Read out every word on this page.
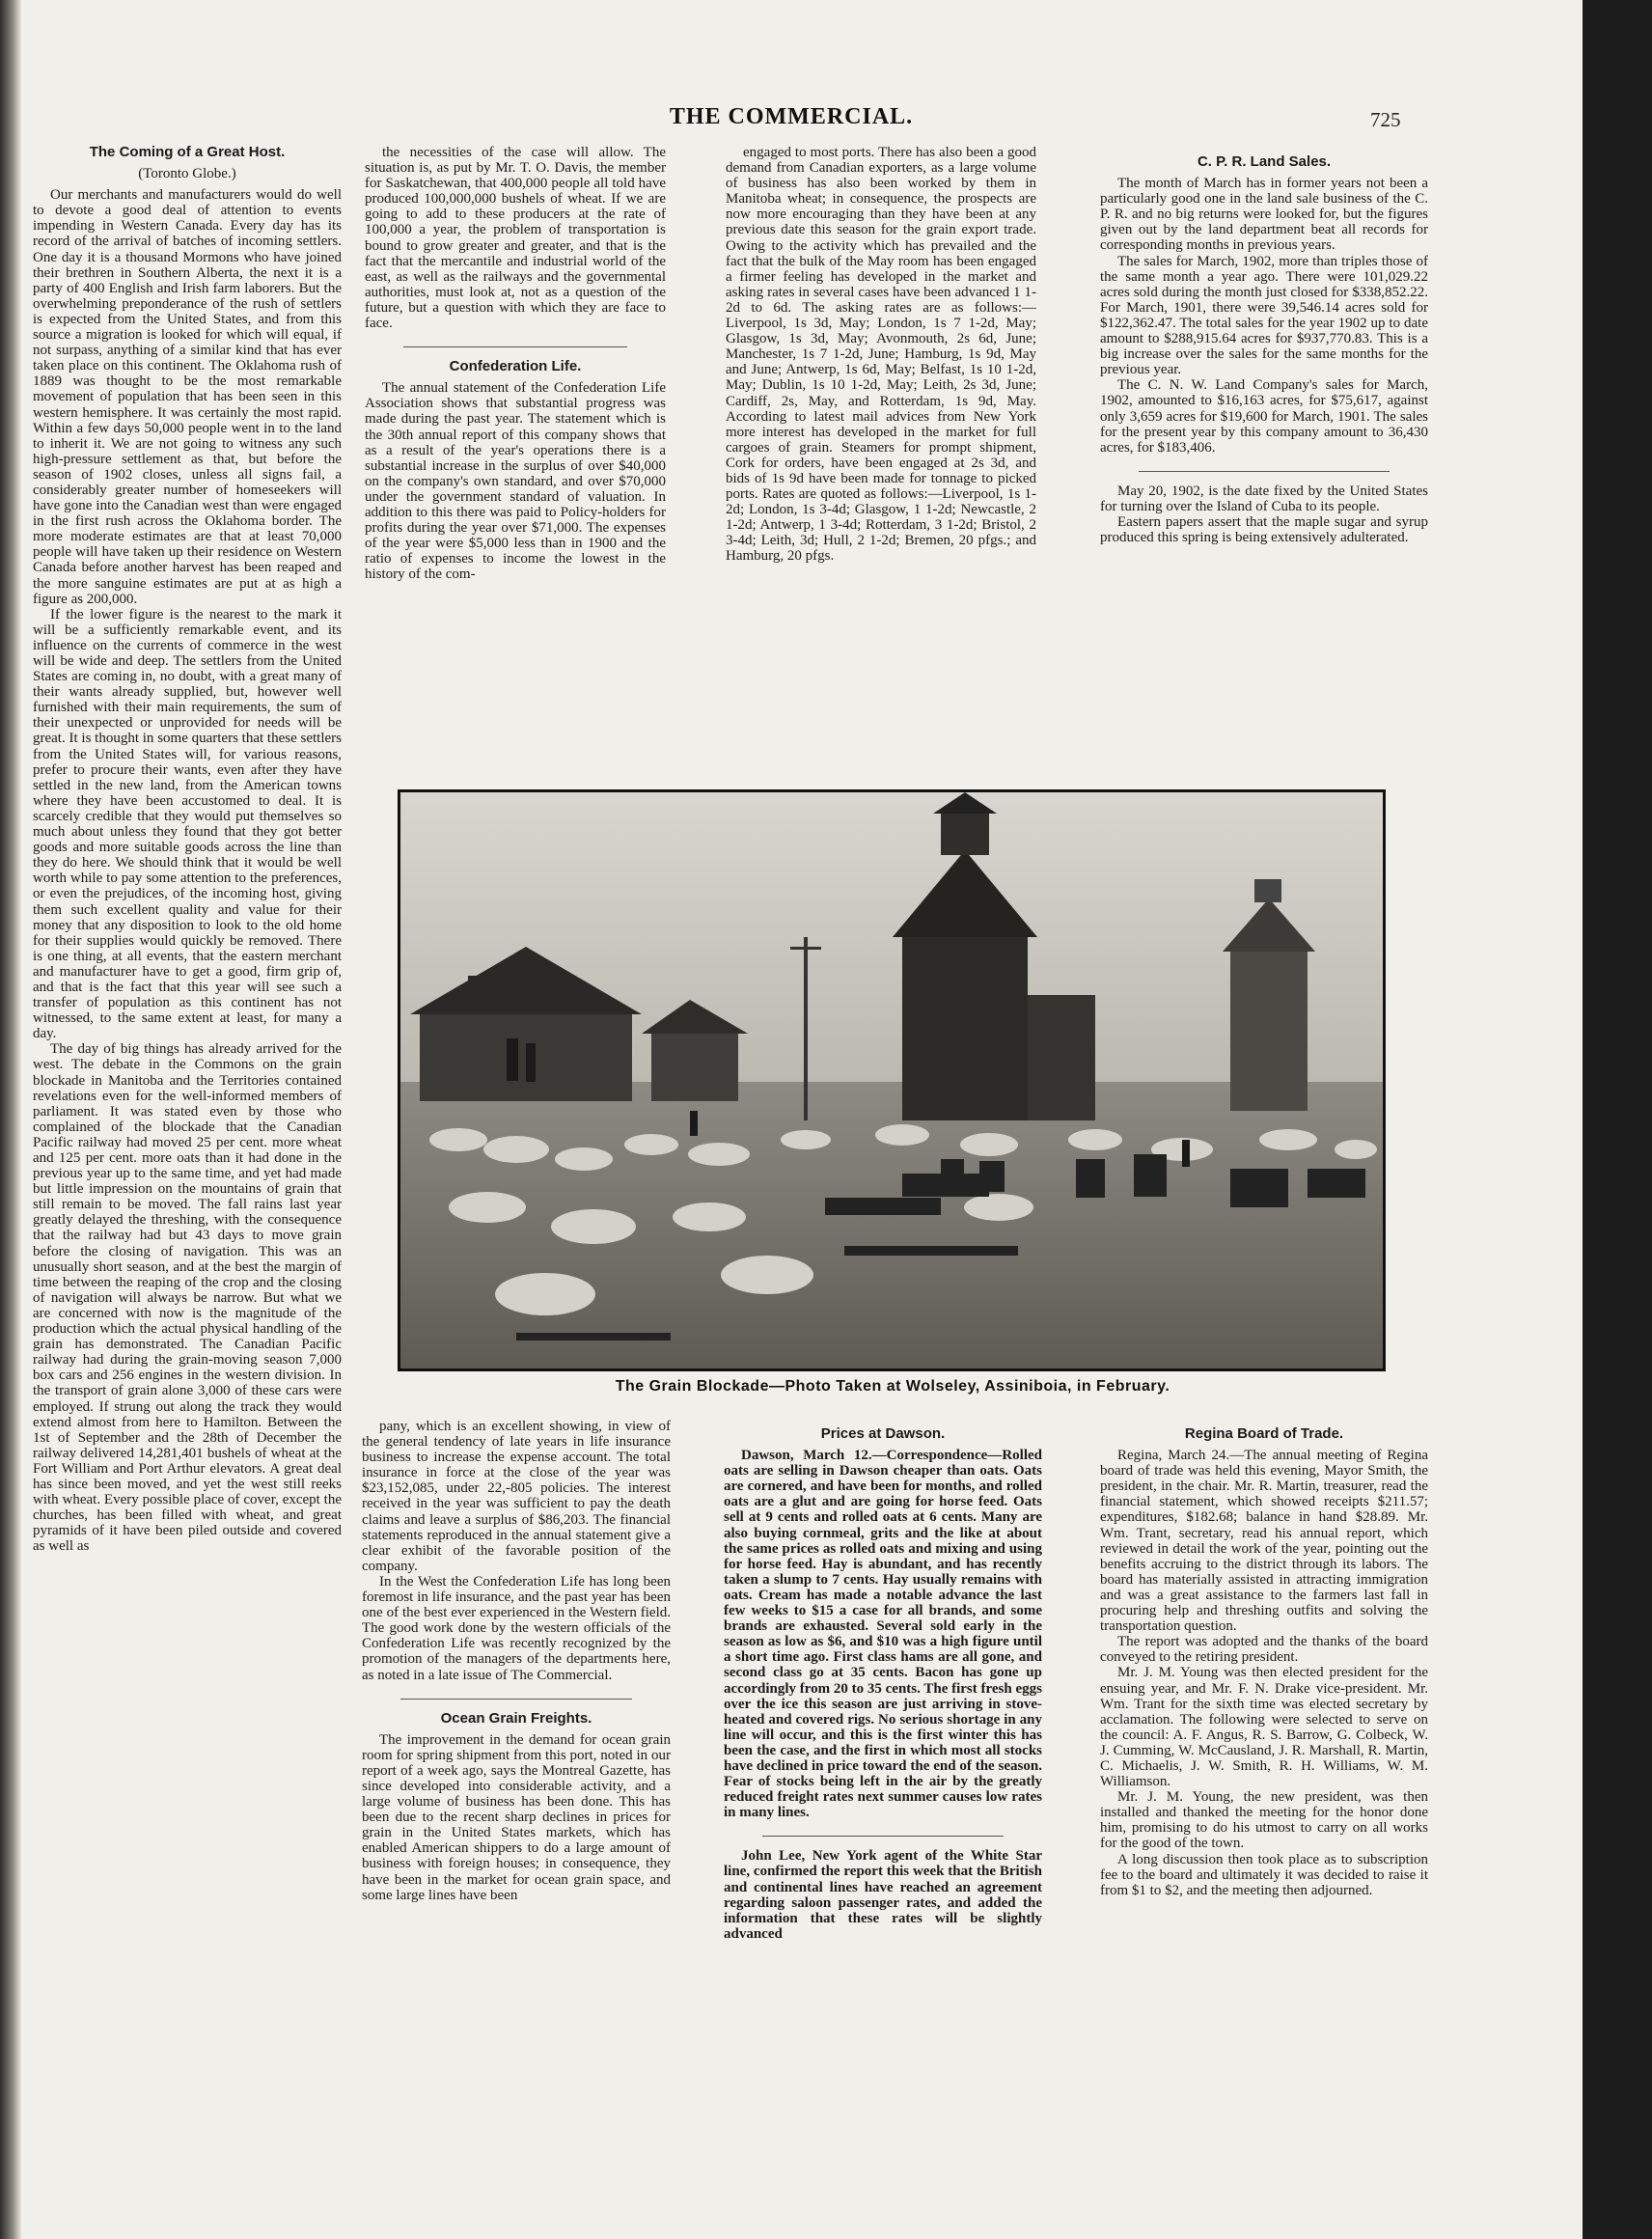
THE COMMERCIAL.	725
The Coming of a Great Host.
(Toronto Globe.)

Our merchants and manufacturers would do well to devote a good deal of attention to events impending in Western Canada. Every day has its record of the arrival of batches of incoming settlers. One day it is a thousand Mormons who have joined their brethren in Southern Alberta, the next it is a party of 400 English and Irish farm laborers. But the overwhelming preponderance of the rush of settlers is expected from the United States, and from this source a migration is looked for which will equal, if not surpass, anything of a similar kind that has ever taken place on this continent. The Oklahoma rush of 1889 was thought to be the most remarkable movement of population that has been seen in this western hemisphere. It was certainly the most rapid. Within a few days 50,000 people went in to the land to inherit it. We are not going to witness any such high-pressure settlement as that, but before the season of 1902 closes, unless all signs fail, a considerably greater number of homeseekers will have gone into the Canadian west than were engaged in the first rush across the Oklahoma border. The more moderate estimates are that at least 70,000 people will have taken up their residence on Western Canada before another harvest has been reaped and the more sanguine estimates are put at as high a figure as 200,000.

If the lower figure is the nearest to the mark it will be a sufficiently remarkable event, and its influence on the currents of commerce in the west will be wide and deep. The settlers from the United States are coming in, no doubt, with a great many of their wants already supplied, but, however well furnished with their main requirements, the sum of their unexpected or unprovided for needs will be great. It is thought in some quarters that these settlers from the United States will, for various reasons, prefer to procure their wants, even after they have settled in the new land, from the American towns where they have been accustomed to deal. It is scarcely credible that they would put themselves so much about unless they found that they got better goods and more suitable goods across the line than they do here. We should think that it would be well worth while to pay some attention to the preferences, or even the prejudices, of the incoming host, giving them such excellent quality and value for their money that any disposition to look to the old home for their supplies would quickly be removed. There is one thing, at all events, that the eastern merchant and manufacturer have to get a good, firm grip of, and that is the fact that this year will see such a transfer of population as this continent has not witnessed, to the same extent at least, for many a day.

The day of big things has already arrived for the west. The debate in the Commons on the grain blockade in Manitoba and the Territories contained revelations even for the well-informed members of parliament. It was stated even by those who complained of the blockade that the Canadian Pacific railway had moved 25 per cent. more wheat and 125 per cent. more oats than it had done in the previous year up to the same time, and yet had made but little impression on the mountains of grain that still remain to be moved. The fall rains last year greatly delayed the threshing, with the consequence that the railway had but 43 days to move grain before the closing of navigation. This was an unusually short season, and at the best the margin of time between the reaping of the crop and the closing of navigation will always be narrow. But what we are concerned with now is the magnitude of the production which the actual physical handling of the grain has demonstrated. The Canadian Pacific railway had during the grain-moving season 7,000 box cars and 256 engines in the western division. In the transport of grain alone 3,000 of these cars were employed. If strung out along the track they would extend almost from here to Hamilton. Between the 1st of September and the 28th of December the railway delivered 14,281,401 bushels of wheat at the Fort William and Port Arthur elevators. A great deal has since been moved, and yet the west still reeks with wheat. Every possible place of cover, except the churches, has been filled with wheat, and great pyramids of it have been piled outside and covered as well as

the necessities of the case will allow. The situation is, as put by Mr. T. O. Davis, the member for Saskatchewan, that 400,000 people all told have produced 100,000,000 bushels of wheat. If we are going to add to these producers at the rate of 100,000 a year, the problem of transportation is bound to grow greater and greater, and that is the fact that the mercantile and industrial world of the east, as well as the railways and the governmental authorities, must look at, not as a question of the future, but a question with which they are face to face.

Confederation Life.

The annual statement of the Confederation Life Association shows that substantial progress was made during the past year. The statement which is the 30th annual report of this company shows that as a result of the year's operations there is a substantial increase in the surplus of over $40,000 on the company's own standard, and over $70,000 under the government standard of valuation. In addition to this there was paid to Policy-holders for profits during the year over $71,000. The expenses of the year were $5,000 less than in 1900 and the ratio of expenses to income the lowest in the history of the com-

engaged to most ports. There has also been a good demand from Canadian exporters, as a large volume of business has also been worked by them in Manitoba wheat; in consequence, the prospects are now more encouraging than they have been at any previous date this season for the grain export trade. Owing to the activity which has prevailed and the fact that the bulk of the May room has been engaged a firmer feeling has developed in the market and asking rates in several cases have been advanced 1 1-2d to 6d. The asking rates are as follows:—Liverpool, 1s 3d, May; London, 1s 7 1-2d, May; Glasgow, 1s 3d, May; Avonmouth, 2s 6d, June; Manchester, 1s 7 1-2d, June; Hamburg, 1s 9d, May and June; Antwerp, 1s 6d, May; Belfast, 1s 10 1-2d, May; Dublin, 1s 10 1-2d, May; Leith, 2s 3d, June; Cardiff, 2s, May, and Rotterdam, 1s 9d, May. According to latest mail advices from New York more interest has developed in the market for full cargoes of grain. Steamers for prompt shipment, Cork for orders, have been engaged at 2s 3d, and bids of 1s 9d have been made for tonnage to picked ports. Rates are quoted as follows:—Liverpool, 1s 1-2d; London, 1s 3-4d; Glasgow, 1 1-2d; Newcastle, 2 1-2d; Antwerp, 1 3-4d; Rotterdam, 3 1-2d; Bristol, 2 3-4d; Leith, 3d; Hull, 2 1-2d; Bremen, 20 pfgs.; and Hamburg, 20 pfgs.

C. P. R. Land Sales.

The month of March has in former years not been a particularly good one in the land sale business of the C. P. R. and no big returns were looked for, but the figures given out by the land department beat all records for corresponding months in previous years.

The sales for March, 1902, more than triples those of the same month a year ago. There were 101,029.22 acres sold during the month just closed for $338,852.22. For March, 1901, there were 39,546.14 acres sold for $122,362.47. The total sales for the year 1902 up to date amount to $288,915.64 acres for $937,770.83. This is a big increase over the sales for the same months for the previous year.

The C. N. W. Land Company's sales for March, 1902, amounted to $16,163 acres, for $75,617, against only 3,659 acres for $19,600 for March, 1901. The sales for the present year by this company amount to 36,430 acres, for $183,406.

May 20, 1902, is the date fixed by the United States for turning over the Island of Cuba to its people.

Eastern papers assert that the maple sugar and syrup produced this spring is being extensively adulterated.

The Grain Blockade—Photo Taken at Wolseley, Assiniboia, in February.

pany, which is an excellent showing, in view of the general tendency of late years in life insurance business to increase the expense account. The total insurance in force at the close of the year was $23,152,085, under 22,-805 policies. The interest received in the year was sufficient to pay the death claims and leave a surplus of $86,203. The financial statements reproduced in the annual statement give a clear exhibit of the favorable position of the company.

In the West the Confederation Life has long been foremost in life insurance, and the past year has been one of the best ever experienced in the Western field. The good work done by the western officials of the Confederation Life was recently recognized by the promotion of the managers of the departments here, as noted in a late issue of The Commercial.

Ocean Grain Freights.

The improvement in the demand for ocean grain room for spring shipment from this port, noted in our report of a week ago, says the Montreal Gazette, has since developed into considerable activity, and a large volume of business has been done. This has been due to the recent sharp declines in prices for grain in the United States markets, which has enabled American shippers to do a large amount of business with foreign houses; in consequence, they have been in the market for ocean grain space, and some large lines have been

Prices at Dawson.

Dawson, March 12.—Correspondence—Rolled oats are selling in Dawson cheaper than oats. Oats are cornered, and have been for months, and rolled oats are a glut and are going for horse feed. Oats sell at 9 cents and rolled oats at 6 cents. Many are also buying cornmeal, grits and the like at about the same prices as rolled oats and mixing and using for horse feed. Hay is abundant, and has recently taken a slump to 7 cents. Hay usually remains with oats. Cream has made a notable advance the last few weeks to $15 a case for all brands, and some brands are exhausted. Several sold early in the season as low as $6, and $10 was a high figure until a short time ago. First class hams are all gone, and second class go at 35 cents. Bacon has gone up accordingly from 20 to 35 cents. The first fresh eggs over the ice this season are just arriving in stove-heated and covered rigs. No serious shortage in any line will occur, and this is the first winter this has been the case, and the first in which most all stocks have declined in price toward the end of the season. Fear of stocks being left in the air by the greatly reduced freight rates next summer causes low rates in many lines.

John Lee, New York agent of the White Star line, confirmed the report this week that the British and continental lines have reached an agreement regarding saloon passenger rates, and added the information that these rates will be slightly advanced

Regina Board of Trade.

Regina, March 24.—The annual meeting of Regina board of trade was held this evening, Mayor Smith, the president, in the chair. Mr. R. Martin, treasurer, read the financial statement, which showed receipts $211.57; expenditures, $182.68; balance in hand $28.89. Mr. Wm. Trant, secretary, read his annual report, which reviewed in detail the work of the year, pointing out the benefits accruing to the district through its labors. The board has materially assisted in attracting immigration and was a great assistance to the farmers last fall in procuring help and threshing outfits and solving the transportation question.

The report was adopted and the thanks of the board conveyed to the retiring president.

Mr. J. M. Young was then elected president for the ensuing year, and Mr. F. N. Drake vice-president. Mr. Wm. Trant for the sixth time was elected secretary by acclamation. The following were selected to serve on the council: A. F. Angus, R. S. Barrow, G. Colbeck, W. J. Cumming, W. McCausland, J. R. Marshall, R. Martin, C. Michaelis, J. W. Smith, R. H. Williams, W. M. Williamson.

Mr. J. M. Young, the new president, was then installed and thanked the meeting for the honor done him, promising to do his utmost to carry on all works for the good of the town.

A long discussion then took place as to subscription fee to the board and ultimately it was decided to raise it from $1 to $2, and the meeting then adjourned.
